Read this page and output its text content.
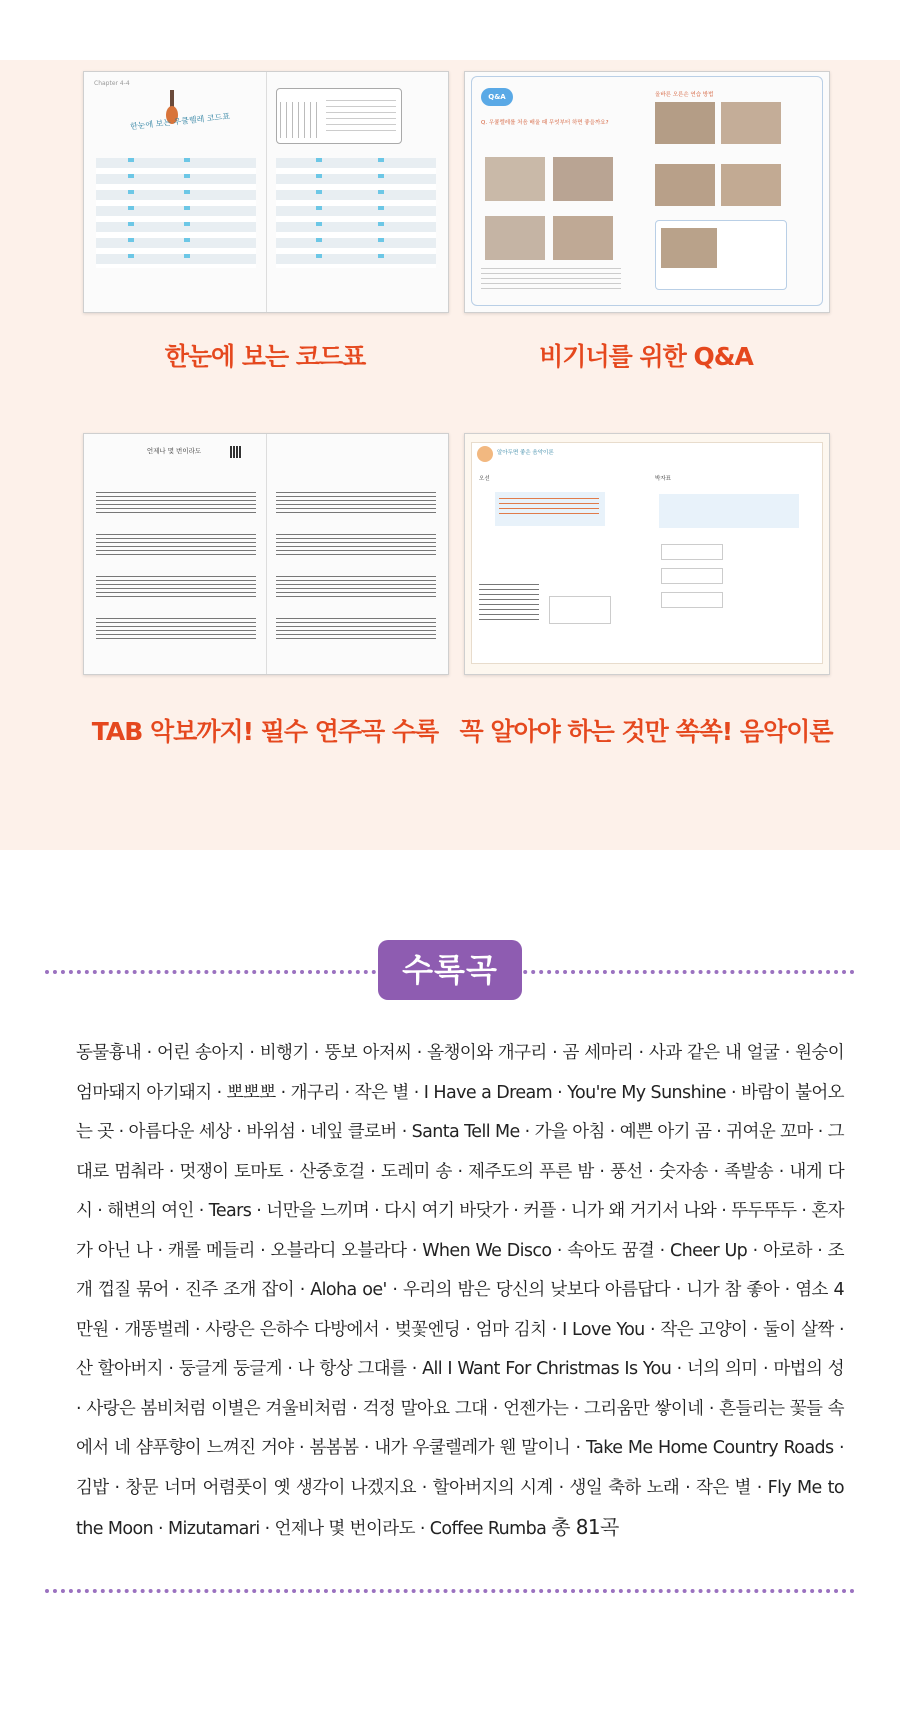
Chapter 4-4
한눈에 보는 우쿨렐레 코드표
Q&A
Q. 우쿨렐레를 처음 배울 때 무엇부터 하면 좋을까요?
올바른 오른손 연습 방법
언제나 몇 번이라도	알아두면 좋은 음악이론
오선	박자표
한눈에 보는 코드표	비기너를 위한 Q&A
TAB 악보까지! 필수 연주곡 수록 꼭 알아야 하는 것만 쏙쏙! 음악이론
수록곡
동물흉내 · 어린 송아지 · 비행기 · 뚱보 아저씨 · 올챙이와 개구리 · 곰 세마리 · 사과 같은 내 얼굴 · 원숭이 엄마돼지 아기돼지 · 뽀뽀뽀 · 개구리 · 작은 별 · I Have a Dream · You're My Sunshine · 바람이 불어오는 곳 · 아름다운 세상 · 바위섬 · 네잎 클로버 · Santa Tell Me · 가을 아침 · 예쁜 아기 곰 · 귀여운 꼬마 · 그대로 멈춰라 · 멋쟁이 토마토 · 산중호걸 · 도레미 송 · 제주도의 푸른 밤 · 풍선 · 숫자송 · 족발송 · 내게 다시 · 해변의 여인 · Tears · 너만을 느끼며 · 다시 여기 바닷가 · 커플 · 니가 왜 거기서 나와 · 뚜두뚜두 · 혼자가 아닌 나 · 캐롤 메들리 · 오블라디 오블라다 · When We Disco · 속아도 꿈결 · Cheer Up · 아로하 · 조개 껍질 묶어 · 진주 조개 잡이 · Aloha oe' · 우리의 밤은 당신의 낮보다 아름답다 · 니가 참 좋아 · 염소 4만원 · 개똥벌레 · 사랑은 은하수 다방에서 · 벚꽃엔딩 · 엄마 김치 · I Love You · 작은 고양이 · 둘이 살짝 · 산 할아버지 · 둥글게 둥글게 · 나 항상 그대를 · All I Want For Christmas Is You · 너의 의미 · 마법의 성 · 사랑은 봄비처럼 이별은 겨울비처럼 · 걱정 말아요 그대 · 언젠가는 · 그리움만 쌓이네 · 흔들리는 꽃들 속에서 네 샴푸향이 느껴진 거야 · 봄봄봄 · 내가 우쿨렐레가 웬 말이니 · Take Me Home Country Roads · 김밥 · 창문 너머 어렴풋이 옛 생각이 나겠지요 · 할아버지의 시계 · 생일 축하 노래 · 작은 별 · Fly Me to the Moon · Mizutamari · 언제나 몇 번이라도 · Coffee Rumba 총 81곡
